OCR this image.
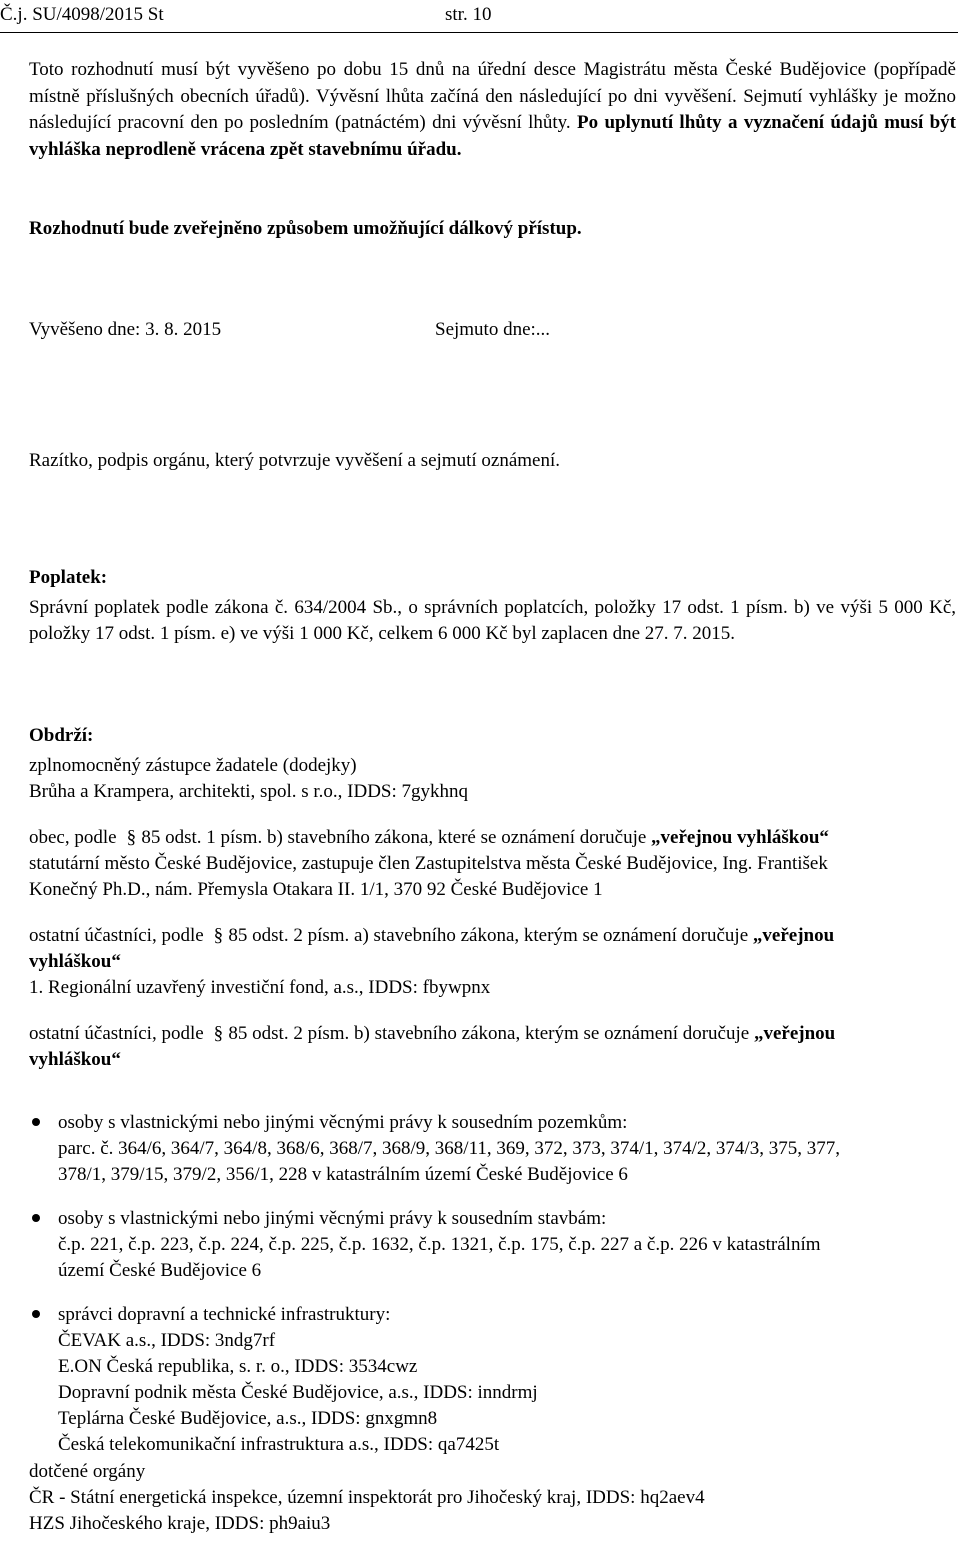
Č.j. SU/4098/2015 St	str. 10
Toto rozhodnutí musí být vyvěšeno po dobu 15 dnů na úřední desce Magistrátu města České Budějovice (popřípadě místně příslušných obecních úřadů). Vývěsní lhůta začíná den následující po dni vyvěšení. Sejmutí vyhlášky je možno následující pracovní den po posledním (patnáctém) dni vývěsní lhůty. Po uplynutí lhůty a vyznačení údajů musí být vyhláška neprodleně vrácena zpět stavebnímu úřadu.
Rozhodnutí bude zveřejněno způsobem umožňující dálkový přístup.
Vyvěšeno dne: 3. 8. 2015	Sejmuto dne:...
Razítko, podpis orgánu, který potvrzuje vyvěšení a sejmutí oznámení.

Poplatek:

Správní poplatek podle zákona č. 634/2004 Sb., o správních poplatcích, položky 17 odst. 1 písm. b) ve výši 5 000 Kč, položky 17 odst. 1 písm. e) ve výši 1 000 Kč, celkem 6 000 Kč byl zaplacen dne 27. 7. 2015.

Obdrží:

zplnomocněný zástupce žadatele (dodejky)

Brůha a Krampera, architekti, spol. s r.o., IDDS: 7gykhnq

obec, podle § 85 odst. 1 písm. b) stavebního zákona, které se oznámení doručuje „veřejnou vyhláškou“

statutární město České Budějovice, zastupuje člen Zastupitelstva města České Budějovice, Ing. František

Konečný Ph.D., nám. Přemysla Otakara II. 1/1, 370 92 České Budějovice 1

ostatní účastníci, podle § 85 odst. 2 písm. a) stavebního zákona, kterým se oznámení doručuje „veřejnou

vyhláškou“

1. Regionální uzavřený investiční fond, a.s., IDDS: fbywpnx

ostatní účastníci, podle § 85 odst. 2 písm. b) stavebního zákona, kterým se oznámení doručuje „veřejnou

vyhláškou“

osoby s vlastnickými nebo jinými věcnými právy k sousedním pozemkům:

parc. č. 364/6, 364/7, 364/8, 368/6, 368/7, 368/9, 368/11, 369, 372, 373, 374/1, 374/2, 374/3, 375, 377,

378/1, 379/15, 379/2, 356/1, 228 v katastrálním území České Budějovice 6

osoby s vlastnickými nebo jinými věcnými právy k sousedním stavbám:

č.p. 221, č.p. 223, č.p. 224, č.p. 225, č.p. 1632, č.p. 1321, č.p. 175, č.p. 227 a č.p. 226 v katastrálním

území České Budějovice 6

správci dopravní a technické infrastruktury:

ČEVAK a.s., IDDS: 3ndg7rf

E.ON Česká republika, s. r. o., IDDS: 3534cwz

Dopravní podnik města České Budějovice, a.s., IDDS: inndrmj

Teplárna České Budějovice, a.s., IDDS: gnxgmn8

Česká telekomunikační infrastruktura a.s., IDDS: qa7425t

dotčené orgány

ČR - Státní energetická inspekce, územní inspektorát pro Jihočeský kraj, IDDS: hq2aev4

HZS Jihočeského kraje, IDDS: ph9aiu3
